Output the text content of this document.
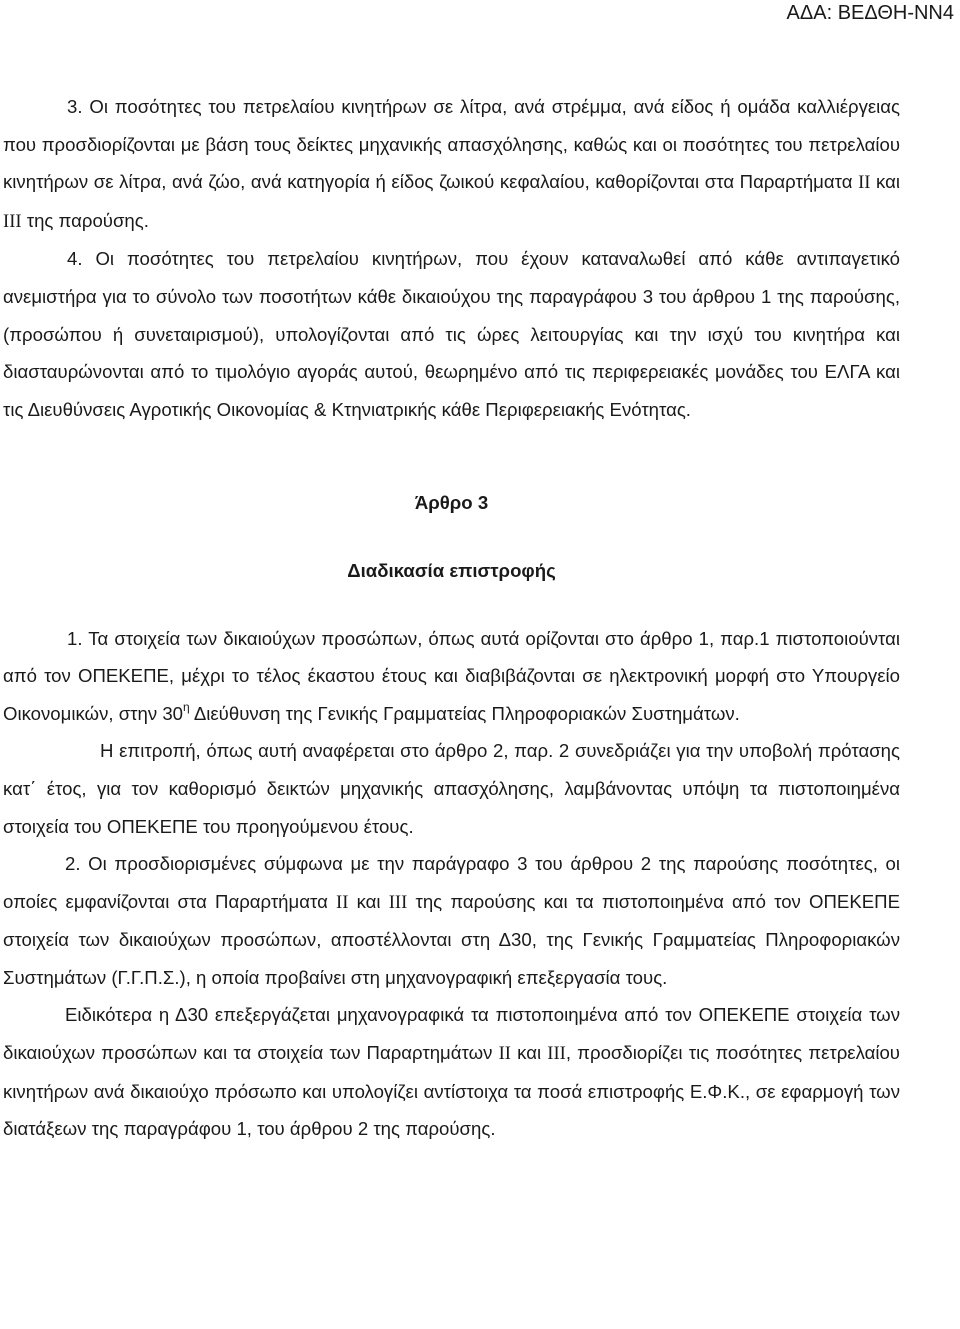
ΑΔΑ: ΒΕΔΘΗ-ΝΝ4

3. Οι ποσότητες του πετρελαίου κινητήρων σε λίτρα, ανά στρέμμα, ανά είδος ή ομάδα καλλιέργειας που προσδιορίζονται με βάση τους δείκτες μηχανικής απασχόλησης, καθώς και οι ποσότητες του πετρελαίου κινητήρων σε λίτρα, ανά ζώο, ανά κατηγορία ή είδος ζωικού κεφαλαίου, καθορίζονται στα Παραρτήματα ΙΙ και ΙΙΙ της παρούσης.

4. Οι ποσότητες του πετρελαίου κινητήρων, που έχουν καταναλωθεί από κάθε αντιπαγετικό ανεμιστήρα για το σύνολο των ποσοτήτων κάθε δικαιούχου της παραγράφου 3 του άρθρου 1 της παρούσης, (προσώπου ή συνεταιρισμού), υπολογίζονται από τις ώρες λειτουργίας και την ισχύ του κινητήρα και διασταυρώνονται από το τιμολόγιο αγοράς αυτού, θεωρημένο από τις περιφερειακές μονάδες του ΕΛΓΑ και τις Διευθύνσεις Αγροτικής Οικονομίας & Κτηνιατρικής κάθε Περιφερειακής Ενότητας.

Άρθρο 3

Διαδικασία επιστροφής

1. Τα στοιχεία των δικαιούχων προσώπων, όπως αυτά ορίζονται στο άρθρο 1, παρ.1 πιστοποιούνται από τον ΟΠΕΚΕΠΕ, μέχρι το τέλος έκαστου έτους και διαβιβάζονται σε ηλεκτρονική μορφή στο Υπουργείο Οικονομικών, στην $30^\eta$ Διεύθυνση της Γενικής Γραμματείας Πληροφοριακών Συστημάτων.

Η επιτροπή, όπως αυτή αναφέρεται στο άρθρο 2, παρ. 2 συνεδριάζει για την υποβολή πρότασης κατ΄ έτος, για τον καθορισμό δεικτών μηχανικής απασχόλησης, λαμβάνοντας υπόψη τα πιστοποιημένα στοιχεία του ΟΠΕΚΕΠΕ του προηγούμενου έτους.

2. Οι προσδιορισμένες σύμφωνα με την παράγραφο 3 του άρθρου 2 της παρούσης ποσότητες, οι οποίες εμφανίζονται στα Παραρτήματα ΙΙ και ΙΙΙ της παρούσης και τα πιστοποιημένα από τον ΟΠΕΚΕΠΕ στοιχεία των δικαιούχων προσώπων, αποστέλλονται στη Δ30, της Γενικής Γραμματείας Πληροφοριακών Συστημάτων (Γ.Γ.Π.Σ.), η οποία προβαίνει στη μηχανογραφική επεξεργασία τους.

Ειδικότερα η Δ30 επεξεργάζεται μηχανογραφικά τα πιστοποιημένα από τον ΟΠΕΚΕΠΕ στοιχεία των δικαιούχων προσώπων και τα στοιχεία των Παραρτημάτων ΙΙ και ΙΙΙ, προσδιορίζει τις ποσότητες πετρελαίου κινητήρων ανά δικαιούχο πρόσωπο και υπολογίζει αντίστοιχα τα ποσά επιστροφής Ε.Φ.Κ., σε εφαρμογή των διατάξεων της παραγράφου 1, του άρθρου 2 της παρούσης.
